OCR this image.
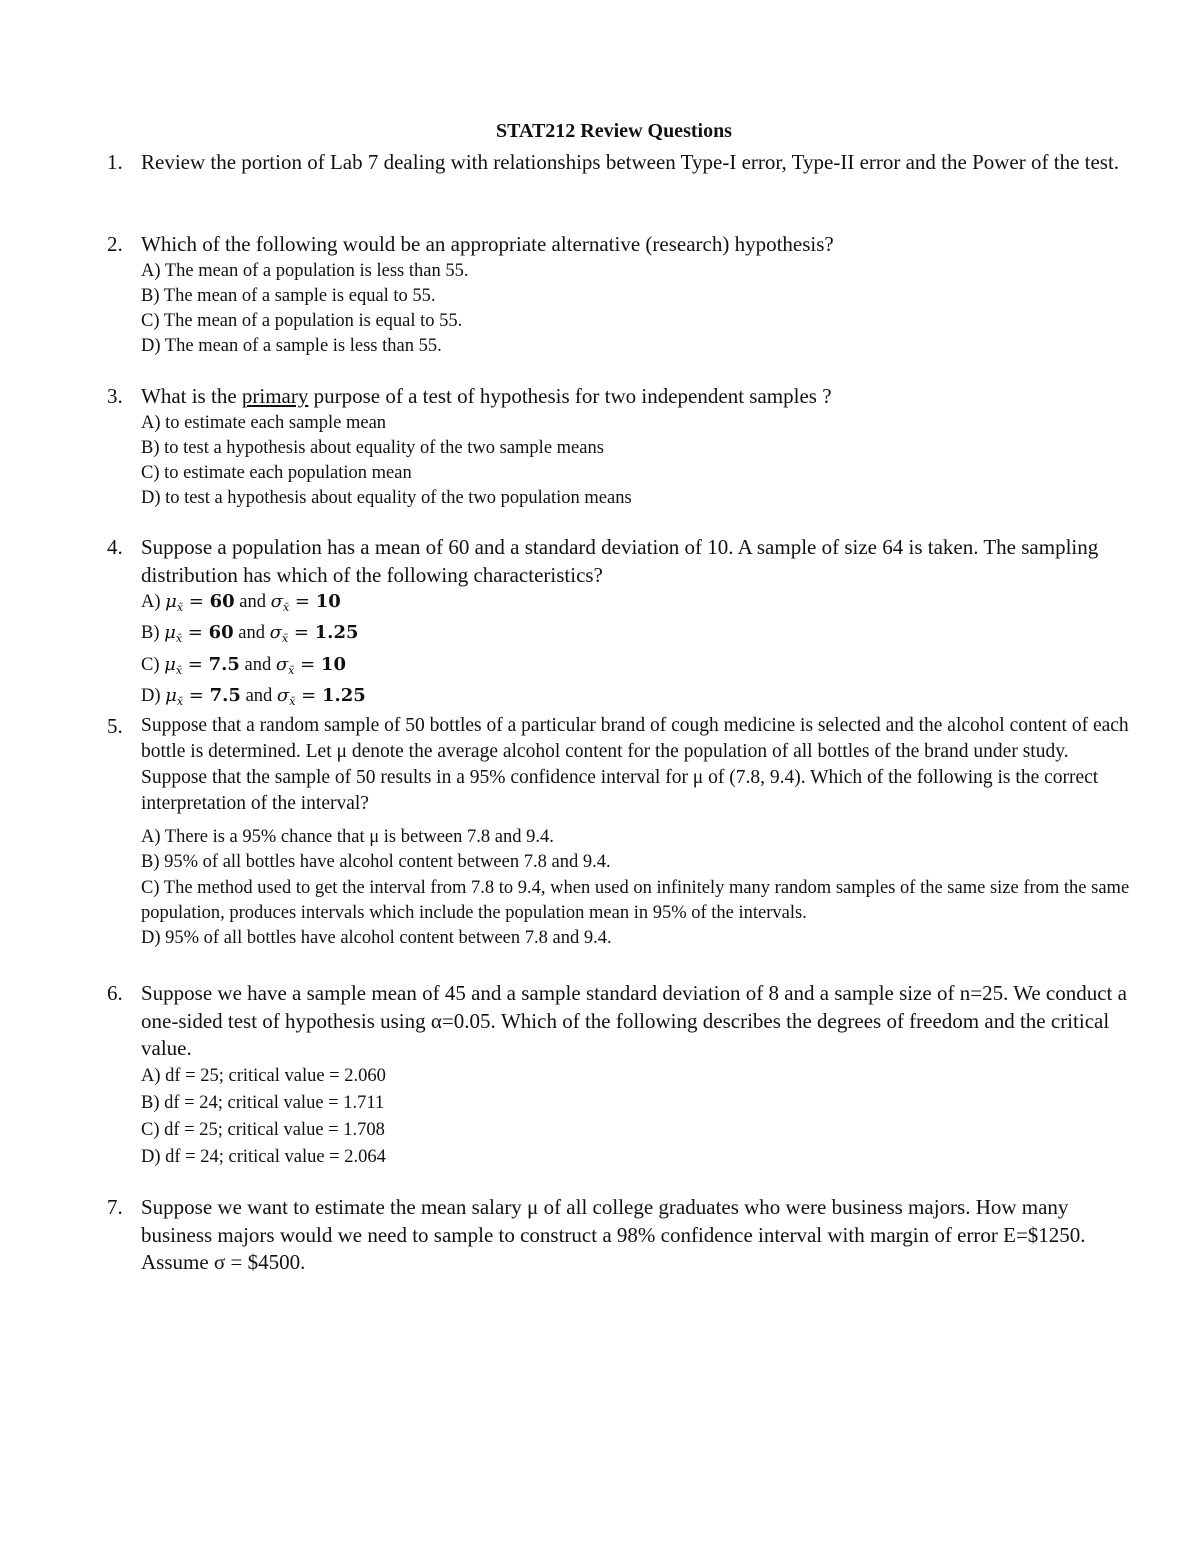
STAT212 Review Questions
1. Review the portion of Lab 7 dealing with relationships between Type-I error, Type-II error and the Power of the test.
2. Which of the following would be an appropriate alternative (research) hypothesis?
A) The mean of a population is less than 55.
B) The mean of a sample is equal to 55.
C) The mean of a population is equal to 55.
D) The mean of a sample is less than 55.
3. What is the primary purpose of a test of hypothesis for two independent samples ?
A) to estimate each sample mean
B) to test a hypothesis about equality of the two sample means
C) to estimate each population mean
D) to test a hypothesis about equality of the two population means
4. Suppose a population has a mean of 60 and a standard deviation of 10. A sample of size 64 is taken. The sampling distribution has which of the following characteristics?
A) $\mu_{x̄} = 60$ and $\sigma_{x̄} = 10$
B) $\mu_{x̄} = 60$ and $\sigma_{x̄} = 1.25$
C) $\mu_{x̄} = 7.5$ and $\sigma_{x̄} = 10$
D) $\mu_{x̄} = 7.5$ and $\sigma_{x̄} = 1.25$
5. Suppose that a random sample of 50 bottles of a particular brand of cough medicine is selected and the alcohol content of each bottle is determined. Let μ denote the average alcohol content for the population of all bottles of the brand under study. Suppose that the sample of 50 results in a 95% confidence interval for μ of (7.8, 9.4). Which of the following is the correct interpretation of the interval?
A) There is a 95% chance that μ is between 7.8 and 9.4.
B) 95% of all bottles have alcohol content between 7.8 and 9.4.
C) The method used to get the interval from 7.8 to 9.4, when used on infinitely many random samples of the same size from the same population, produces intervals which include the population mean in 95% of the intervals.
D) 95% of all bottles have alcohol content between 7.8 and 9.4.
6. Suppose we have a sample mean of 45 and a sample standard deviation of 8 and a sample size of n=25. We conduct a one-sided test of hypothesis using α=0.05. Which of the following describes the degrees of freedom and the critical value.
A) df = 25; critical value = 2.060
B) df = 24; critical value = 1.711
C) df = 25; critical value = 1.708
D) df = 24; critical value = 2.064
7. Suppose we want to estimate the mean salary μ of all college graduates who were business majors. How many business majors would we need to sample to construct a 98% confidence interval with margin of error E=$1250. Assume σ = $4500.
